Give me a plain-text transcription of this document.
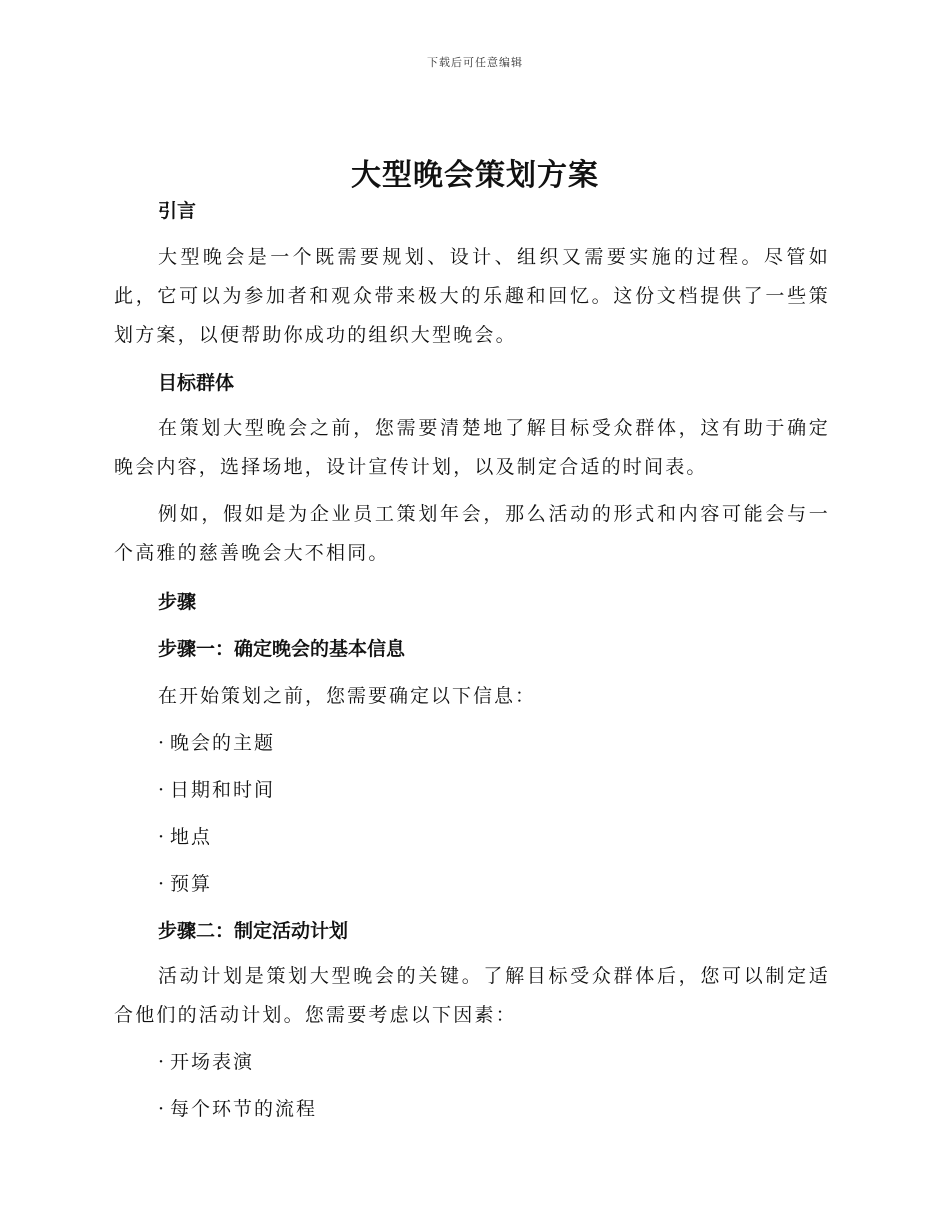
下载后可任意编辑
大型晚会策划方案

引言

大型晚会是一个既需要规划、设计、组织又需要实施的过程。尽管如此，它可以为参加者和观众带来极大的乐趣和回忆。这份文档提供了一些策划方案，以便帮助你成功的组织大型晚会。

目标群体

在策划大型晚会之前，您需要清楚地了解目标受众群体，这有助于确定晚会内容，选择场地，设计宣传计划，以及制定合适的时间表。

例如，假如是为企业员工策划年会，那么活动的形式和内容可能会与一个高雅的慈善晚会大不相同。

步骤

步骤一：确定晚会的基本信息

在开始策划之前，您需要确定以下信息：

· 晚会的主题

· 日期和时间

· 地点

· 预算

步骤二：制定活动计划

活动计划是策划大型晚会的关键。了解目标受众群体后，您可以制定适合他们的活动计划。您需要考虑以下因素：

· 开场表演

· 每个环节的流程
